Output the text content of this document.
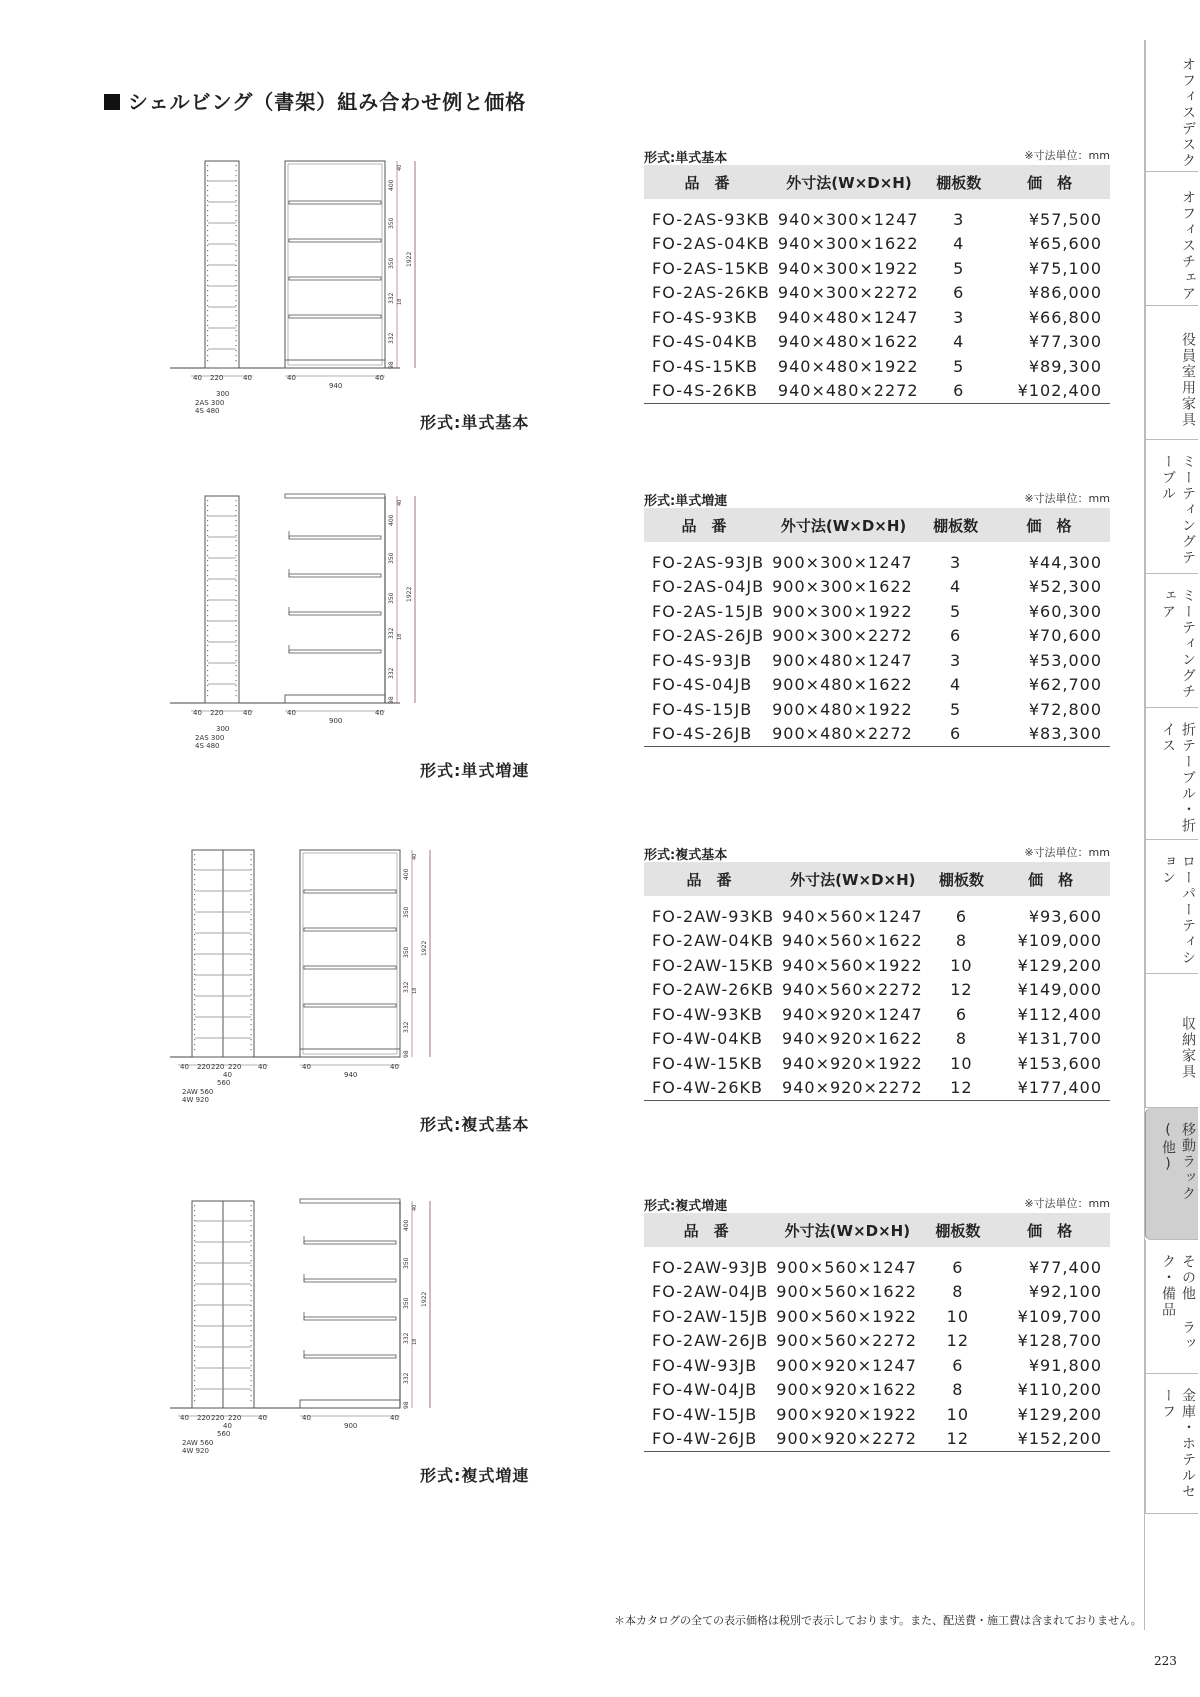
シェルビング（書架）組み合わせ例と価格
40 220	40
300
2AS 300
4S 480
400
350
350
332
332
98
1922
18
40
40	40
940
形式:単式基本
形式:単式基本	※寸法単位：mm
品　番	外寸法(W×D×H)	棚板数	価　格
FO-2AS-93KB	940×300×1247	3	¥57,500
FO-2AS-04KB	940×300×1622	4	¥65,600
FO-2AS-15KB	940×300×1922	5	¥75,100
FO-2AS-26KB	940×300×2272	6	¥86,000
FO-4S-93KB	940×480×1247	3	¥66,800
FO-4S-04KB	940×480×1622	4	¥77,300
FO-4S-15KB	940×480×1922	5	¥89,300
FO-4S-26KB	940×480×2272	6	¥102,400
40 220	40
300
2AS 300
4S 480
400
350
350
332
332
98
1922
18
40
40	40
900
形式:単式増連
形式:単式増連	※寸法単位：mm
品　番	外寸法(W×D×H)	棚板数	価　格
FO-2AS-93JB	900×300×1247	3	¥44,300
FO-2AS-04JB	900×300×1622	4	¥52,300
FO-2AS-15JB	900×300×1922	5	¥60,300
FO-2AS-26JB	900×300×2272	6	¥70,600
FO-4S-93JB	900×480×1247	3	¥53,000
FO-4S-04JB	900×480×1622	4	¥62,700
FO-4S-15JB	900×480×1922	5	¥72,800
FO-4S-26JB	900×480×2272	6	¥83,300
40	220
220	220 40
40
560
2AW 560
4W 920
400
350
350
332
332
98
1922
18
40
40	40
940
形式:複式基本
形式:複式基本	※寸法単位：mm
品　番	外寸法(W×D×H)	棚板数	価　格
FO-2AW-93KB	940×560×1247	6	¥93,600
FO-2AW-04KB	940×560×1622	8	¥109,000
FO-2AW-15KB	940×560×1922	10	¥129,200
FO-2AW-26KB	940×560×2272	12	¥149,000
FO-4W-93KB	940×920×1247	6	¥112,400
FO-4W-04KB	940×920×1622	8	¥131,700
FO-4W-15KB	940×920×1922	10	¥153,600
FO-4W-26KB	940×920×2272	12	¥177,400
40	220
220	220 40
40
560
2AW 560
4W 920
400
350
350
332
332
98
1922
18
40
40	40
900
形式:複式増連
形式:複式増連	※寸法単位：mm
品　番	外寸法(W×D×H)	棚板数	価　格
FO-2AW-93JB	900×560×1247	6	¥77,400
FO-2AW-04JB	900×560×1622	8	¥92,100
FO-2AW-15JB	900×560×1922	10	¥109,700
FO-2AW-26JB	900×560×2272	12	¥128,700
FO-4W-93JB	900×920×1247	6	¥91,800
FO-4W-04JB	900×920×1622	8	¥110,200
FO-4W-15JB	900×920×1922	10	¥129,200
FO-4W-26JB	900×920×2272	12	¥152,200
オフィスデスク
オフィスチェア
役員室用家具
ミーティングテーブル
ミーティングチェア
折テーブル・折イス
ローパーティション
収納家具
移動ラック(他)
その他 ラック・備品
金庫・ホテルセーフ
＊本カタログの全ての表示価格は税別で表示しております。また、配送費・施工費は含まれておりません。
223
